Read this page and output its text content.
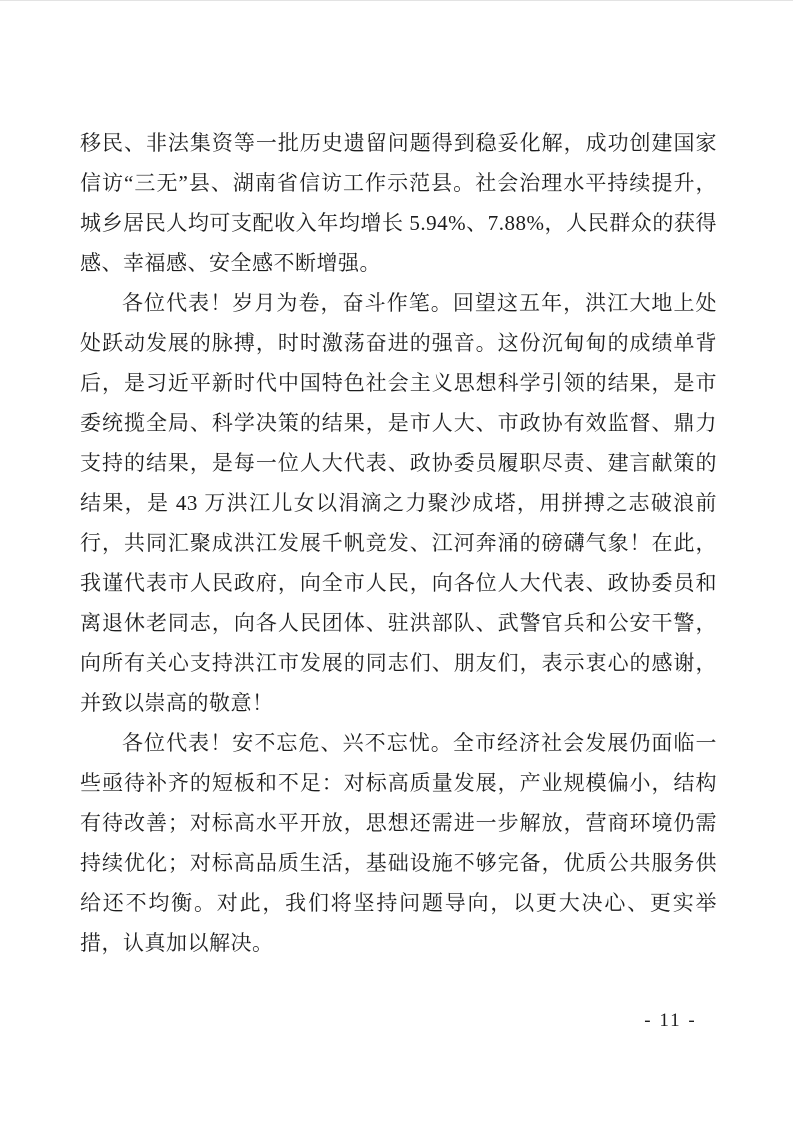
移民、非法集资等一批历史遗留问题得到稳妥化解，成功创建国家信访“三无”县、湖南省信访工作示范县。社会治理水平持续提升，城乡居民人均可支配收入年均增长 5.94%、7.88%，人民群众的获得感、幸福感、安全感不断增强。

各位代表！岁月为卷，奋斗作笔。回望这五年，洪江大地上处处跃动发展的脉搏，时时激荡奋进的强音。这份沉甸甸的成绩单背后，是习近平新时代中国特色社会主义思想科学引领的结果，是市委统揽全局、科学决策的结果，是市人大、市政协有效监督、鼎力支持的结果，是每一位人大代表、政协委员履职尽责、建言献策的结果，是 43 万洪江儿女以涓滴之力聚沙成塔，用拼搏之志破浪前行，共同汇聚成洪江发展千帆竞发、江河奔涌的磅礴气象！在此，我谨代表市人民政府，向全市人民，向各位人大代表、政协委员和离退休老同志，向各人民团体、驻洪部队、武警官兵和公安干警，向所有关心支持洪江市发展的同志们、朋友们，表示衷心的感谢，并致以崇高的敬意！

各位代表！安不忘危、兴不忘忧。全市经济社会发展仍面临一些亟待补齐的短板和不足：对标高质量发展，产业规模偏小，结构有待改善；对标高水平开放，思想还需进一步解放，营商环境仍需持续优化；对标高品质生活，基础设施不够完备，优质公共服务供给还不均衡。对此，我们将坚持问题导向，以更大决心、更实举措，认真加以解决。

- 11 -
